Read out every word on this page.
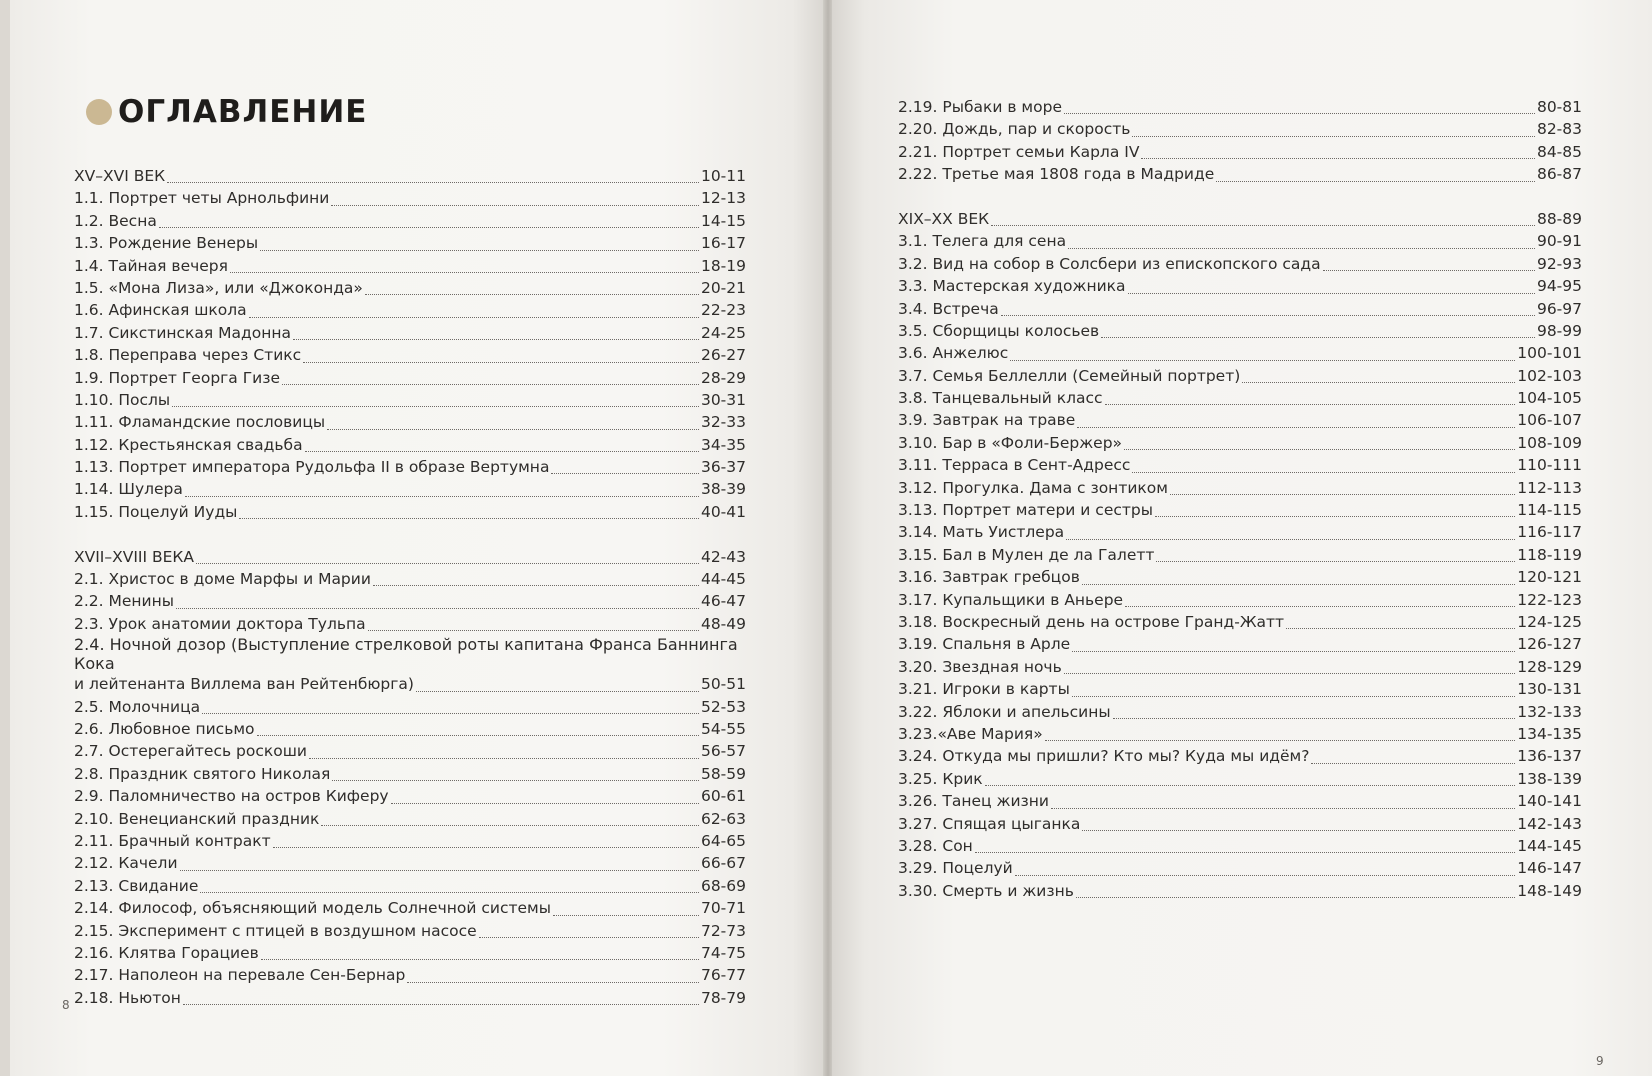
ОГЛАВЛЕНИЕ
XV–XVI ВЕК	10-11
1.1. Портрет четы Арнольфини	12-13
1.2. Весна	14-15
1.3. Рождение Венеры	16-17
1.4. Тайная вечеря	18-19
1.5. «Мона Лиза», или «Джоконда»	20-21
1.6. Афинская школа	22-23
1.7. Сикстинская Мадонна	24-25
1.8. Переправа через Стикс	26-27
1.9. Портрет Георга Гизе	28-29
1.10. Послы	30-31
1.11. Фламандские пословицы	32-33
1.12. Крестьянская свадьба	34-35
1.13. Портрет императора Рудольфа II в образе Вертумна	36-37
1.14. Шулера	38-39
1.15. Поцелуй Иуды	40-41
XVII–XVIII ВЕКА	42-43
2.1. Христос в доме Марфы и Марии	44-45
2.2. Менины	46-47
2.3. Урок анатомии доктора Тульпа	48-49
2.4. Ночной дозор (Выступление стрелковой роты капитана Франса Баннинга Кока
и лейтенанта Виллема ван Рейтенбюрга)	50-51
2.5. Молочница	52-53
2.6. Любовное письмо	54-55
2.7. Остерегайтесь роскоши	56-57
2.8. Праздник святого Николая	58-59
2.9. Паломничество на остров Киферу	60-61
2.10. Венецианский праздник	62-63
2.11. Брачный контракт	64-65
2.12. Качели	66-67
2.13. Свидание	68-69
2.14. Философ, объясняющий модель Солнечной системы	70-71
2.15. Эксперимент с птицей в воздушном насосе	72-73
2.16. Клятва Горациев	74-75
2.17. Наполеон на перевале Сен-Бернар	76-77
2.18. Ньютон	78-79
2.19. Рыбаки в море	80-81
2.20. Дождь, пар и скорость	82-83
2.21. Портрет семьи Карла IV	84-85
2.22. Третье мая 1808 года в Мадриде	86-87
XIX–XX ВЕК	88-89
3.1. Телега для сена	90-91
3.2. Вид на собор в Солсбери из епископского сада	92-93
3.3. Мастерская художника	94-95
3.4. Встреча	96-97
3.5. Сборщицы колосьев	98-99
3.6. Анжелюс	100-101
3.7. Семья Беллелли (Семейный портрет)	102-103
3.8. Танцевальный класс	104-105
3.9. Завтрак на траве	106-107
3.10. Бар в «Фоли-Бержер»	108-109
3.11. Терраса в Сент-Адресс	110-111
3.12. Прогулка. Дама с зонтиком	112-113
3.13. Портрет матери и сестры	114-115
3.14. Мать Уистлера	116-117
3.15. Бал в Мулен де ла Галетт	118-119
3.16. Завтрак гребцов	120-121
3.17. Купальщики в Аньере	122-123
3.18. Воскресный день на острове Гранд-Жатт	124-125
3.19. Спальня в Арле	126-127
3.20. Звездная ночь	128-129
3.21. Игроки в карты	130-131
3.22. Яблоки и апельсины	132-133
3.23.«Аве Мария»	134-135
3.24. Откуда мы пришли? Кто мы? Куда мы идём?	136-137
3.25. Крик	138-139
3.26. Танец жизни	140-141
3.27. Спящая цыганка	142-143
3.28. Сон	144-145
3.29. Поцелуй	146-147
3.30. Смерть и жизнь	148-149
8
9
